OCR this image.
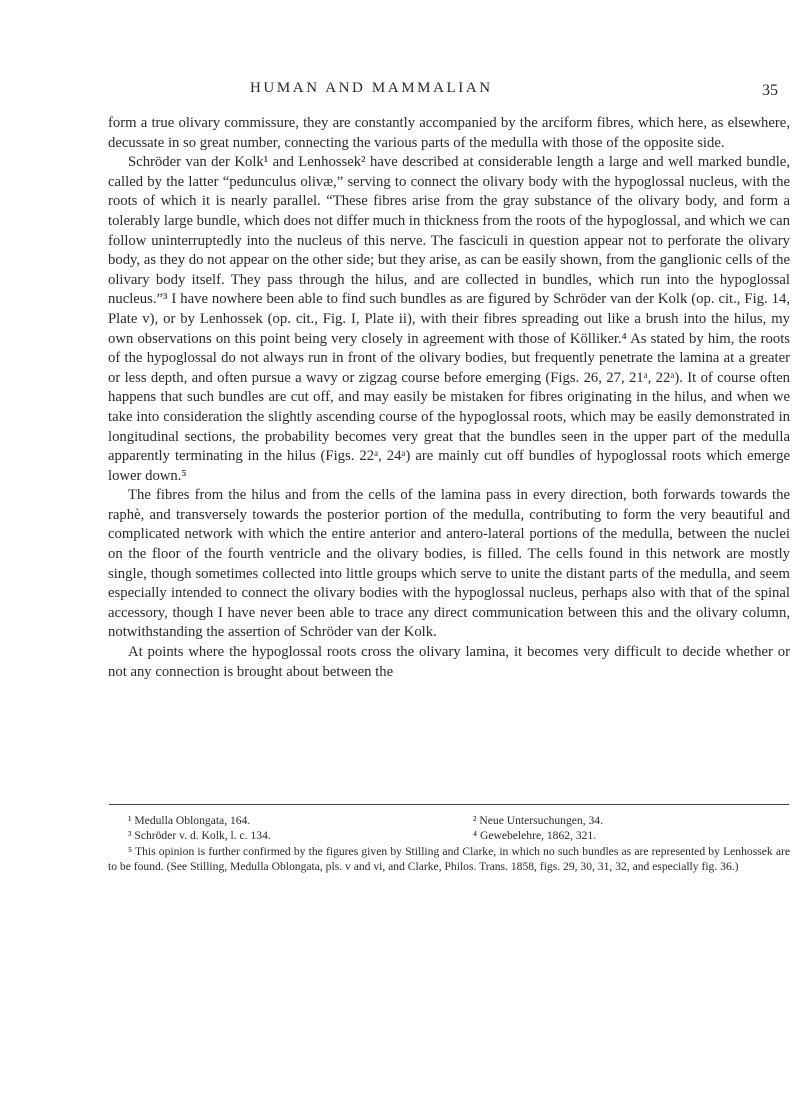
HUMAN AND MAMMALIAN	35

form a true olivary commissure, they are constantly accompanied by the arciform fibres, which here, as elsewhere, decussate in so great number, connecting the various parts of the medulla with those of the opposite side.

Schröder van der Kolk¹ and Lenhossek² have described at considerable length a large and well marked bundle, called by the latter “pedunculus olivæ,” serving to connect the olivary body with the hypoglossal nucleus, with the roots of which it is nearly parallel. “These fibres arise from the gray substance of the olivary body, and form a tolerably large bundle, which does not differ much in thickness from the roots of the hypoglossal, and which we can follow uninterruptedly into the nucleus of this nerve. The fasciculi in question appear not to perforate the olivary body, as they do not appear on the other side; but they arise, as can be easily shown, from the ganglionic cells of the olivary body itself. They pass through the hilus, and are collected in bundles, which run into the hypoglossal nucleus.”³ I have nowhere been able to find such bundles as are figured by Schröder van der Kolk (op. cit., Fig. 14, Plate v), or by Lenhossek (op. cit., Fig. I, Plate ii), with their fibres spreading out like a brush into the hilus, my own observations on this point being very closely in agreement with those of Kölliker.⁴ As stated by him, the roots of the hypoglossal do not always run in front of the olivary bodies, but frequently penetrate the lamina at a greater or less depth, and often pursue a wavy or zigzag course before emerging (Figs. 26, 27, 21ᵃ, 22ᵃ). It of course often happens that such bundles are cut off, and may easily be mistaken for fibres originating in the hilus, and when we take into consideration the slightly ascending course of the hypoglossal roots, which may be easily demonstrated in longitudinal sections, the probability becomes very great that the bundles seen in the upper part of the medulla apparently terminating in the hilus (Figs. 22ᵃ, 24ᵃ) are mainly cut off bundles of hypoglossal roots which emerge lower down.⁵

The fibres from the hilus and from the cells of the lamina pass in every direction, both forwards towards the raphè, and transversely towards the posterior portion of the medulla, contributing to form the very beautiful and complicated network with which the entire anterior and antero-lateral portions of the medulla, between the nuclei on the floor of the fourth ventricle and the olivary bodies, is filled. The cells found in this network are mostly single, though sometimes collected into little groups which serve to unite the distant parts of the medulla, and seem especially intended to connect the olivary bodies with the hypoglossal nucleus, perhaps also with that of the spinal accessory, though I have never been able to trace any direct communication between this and the olivary column, notwithstanding the assertion of Schröder van der Kolk.

At points where the hypoglossal roots cross the olivary lamina, it becomes very difficult to decide whether or not any connection is brought about between the

¹ Medulla Oblongata, 164.	² Neue Untersuchungen, 34.
³ Schröder v. d. Kolk, l. c. 134.	⁴ Gewebelehre, 1862, 321.
⁵ This opinion is further confirmed by the figures given by Stilling and Clarke, in which no such bundles as are represented by Lenhossek are to be found. (See Stilling, Medulla Oblongata, pls. v and vi, and Clarke, Philos. Trans. 1858, figs. 29, 30, 31, 32, and especially fig. 36.)
